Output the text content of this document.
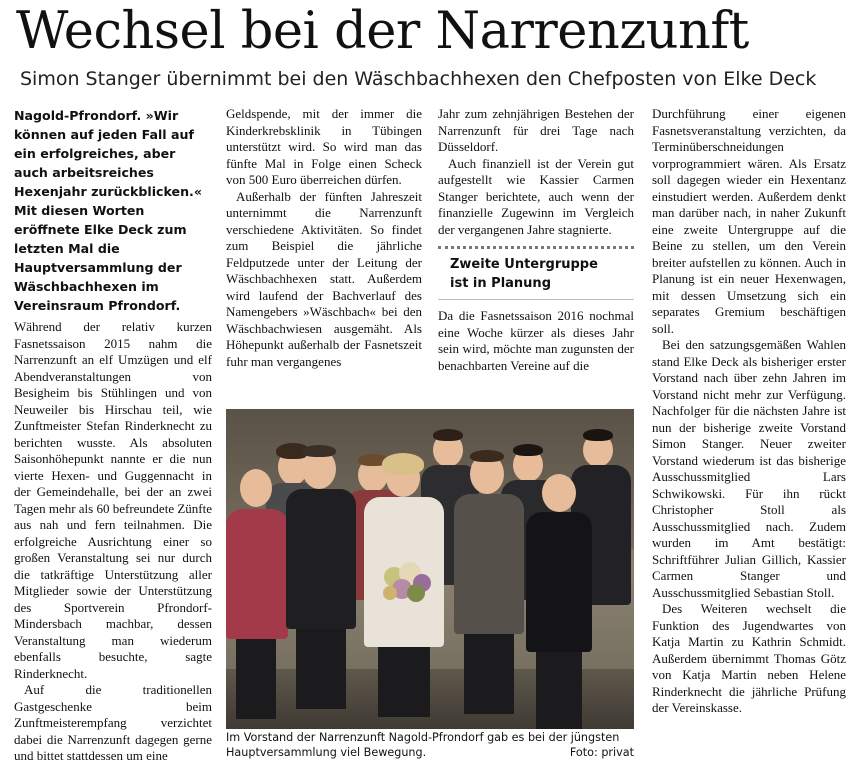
Wechsel bei der Narrenzunft
Simon Stanger übernimmt bei den Wäschbachhexen den Chefposten von Elke Deck
Nagold-Pfrondorf. »Wir können auf jeden Fall auf ein erfolgreiches, aber auch arbeitsreiches Hexenjahr zurückblicken.« Mit diesen Worten eröffnete Elke Deck zum letzten Mal die Hauptversammlung der Wäschbachhexen im Vereinsraum Pfrondorf.

Während der relativ kurzen Fasnetssaison 2015 nahm die Narrenzunft an elf Umzügen und elf Abendveranstaltungen von Besigheim bis Stühlingen und von Neuweiler bis Hirschau teil, wie Zunftmeister Stefan Rinderknecht zu berichten wusste. Als absoluten Saisonhöhepunkt nannte er die nun vierte Hexen- und Guggennacht in der Gemeindehalle, bei der an zwei Tagen mehr als 60 befreundete Zünfte aus nah und fern teilnahmen. Die erfolgreiche Ausrichtung einer so großen Veranstaltung sei nur durch die tatkräftige Unterstützung aller Mitglieder sowie der Unterstützung des Sportverein Pfrondorf-Mindersbach machbar, dessen Veranstaltung man wiederum ebenfalls besuchte, sagte Rinderknecht.

Auf die traditionellen Gastgeschenke beim Zunftmeisterempfang verzichtet dabei die Narrenzunft dagegen gerne und bittet stattdessen um eine

Geldspende, mit der immer die Kinderkrebsklinik in Tübingen unterstützt wird. So wird man das fünfte Mal in Folge einen Scheck von 500 Euro überreichen dürfen.

Außerhalb der fünften Jahreszeit unternimmt die Narrenzunft verschiedene Aktivitäten. So findet zum Beispiel die jährliche Feldputzede unter der Leitung der Wäschbachhexen statt. Außerdem wird laufend der Bachverlauf des Namengebers »Wäschbach« bei den Wäschbachwiesen ausgemäht. Als Höhepunkt außerhalb der Fasnetszeit fuhr man vergangenes

Jahr zum zehnjährigen Bestehen der Narrenzunft für drei Tage nach Düsseldorf.

Auch finanziell ist der Verein gut aufgestellt wie Kassier Carmen Stanger berichtete, auch wenn der finanzielle Zugewinn im Vergleich der vergangenen Jahre stagnierte.

Zweite Untergruppe
ist in Planung

Da die Fasnetssaison 2016 nochmal eine Woche kürzer als dieses Jahr sein wird, möchte man zugunsten der benachbarten Vereine auf die

Durchführung einer eigenen Fasnetsveranstaltung verzichten, da Terminüberschneidungen vorprogrammiert wären. Als Ersatz soll dagegen wieder ein Hexentanz einstudiert werden. Außerdem denkt man darüber nach, in naher Zukunft eine zweite Untergruppe auf die Beine zu stellen, um den Verein breiter aufstellen zu können. Auch in Planung ist ein neuer Hexenwagen, mit dessen Umsetzung sich ein separates Gremium beschäftigen soll.

Bei den satzungsgemäßen Wahlen stand Elke Deck als bisheriger erster Vorstand nach über zehn Jahren im Vorstand nicht mehr zur Verfügung. Nachfolger für die nächsten Jahre ist nun der bisherige zweite Vorstand Simon Stanger. Neuer zweiter Vorstand wiederum ist das bisherige Ausschussmitglied Lars Schwikowski. Für ihn rückt Christopher Stoll als Ausschussmitglied nach. Zudem wurden im Amt bestätigt: Schriftführer Julian Gillich, Kassier Carmen Stanger und Ausschussmitglied Sebastian Stoll.

Des Weiteren wechselt die Funktion des Jugendwartes von Katja Martin zu Kathrin Schmidt. Außerdem übernimmt Thomas Götz von Katja Martin neben Helene Rinderknecht die jährliche Prüfung der Vereinskasse.

Im Vorstand der Narrenzunft Nagold-Pfrondorf gab es bei der jüngsten Hauptversammlung viel Bewegung.	Foto: privat
